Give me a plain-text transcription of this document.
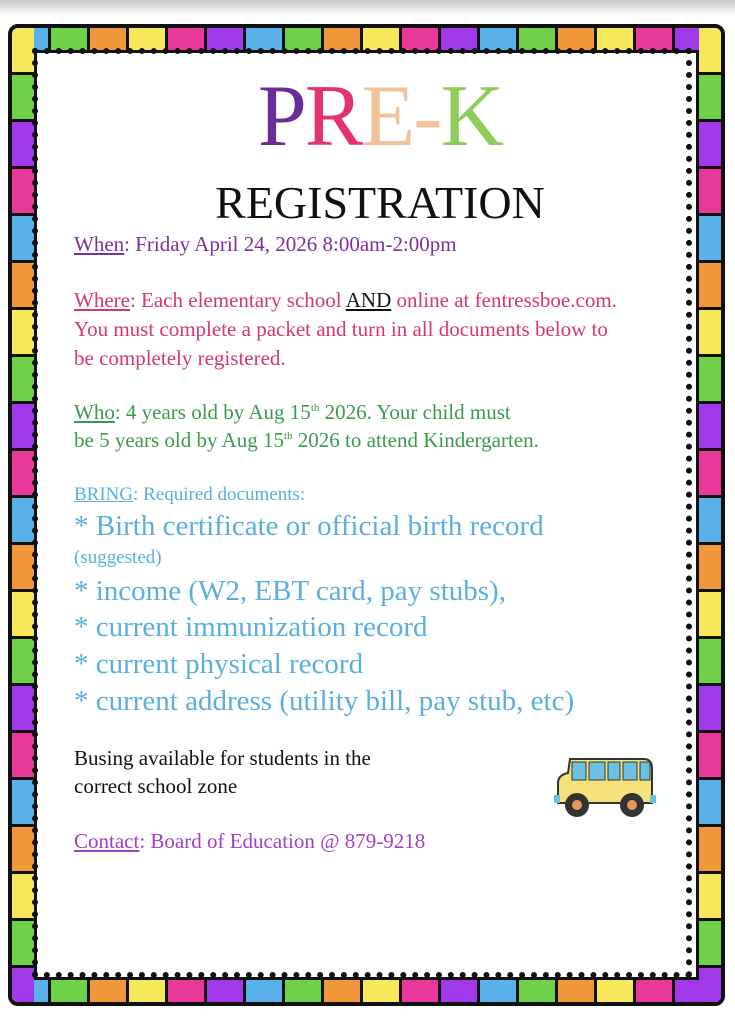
PRE-K
REGISTRATION
When: Friday April 24, 2026 8:00am-2:00pm
Where: Each elementary school AND online at fentressboe.com.
You must complete a packet and turn in all documents below to
be completely registered.
Who: 4 years old by Aug 15th 2026. Your child must
be 5 years old by Aug 15th 2026 to attend Kindergarten.
BRING: Required documents:
* Birth certificate or official birth record
(suggested)
* income (W2, EBT card, pay stubs),
* current immunization record
* current physical record
* current address (utility bill, pay stub, etc)
Busing available for students in the
correct school zone
Contact: Board of Education @ 879-9218
